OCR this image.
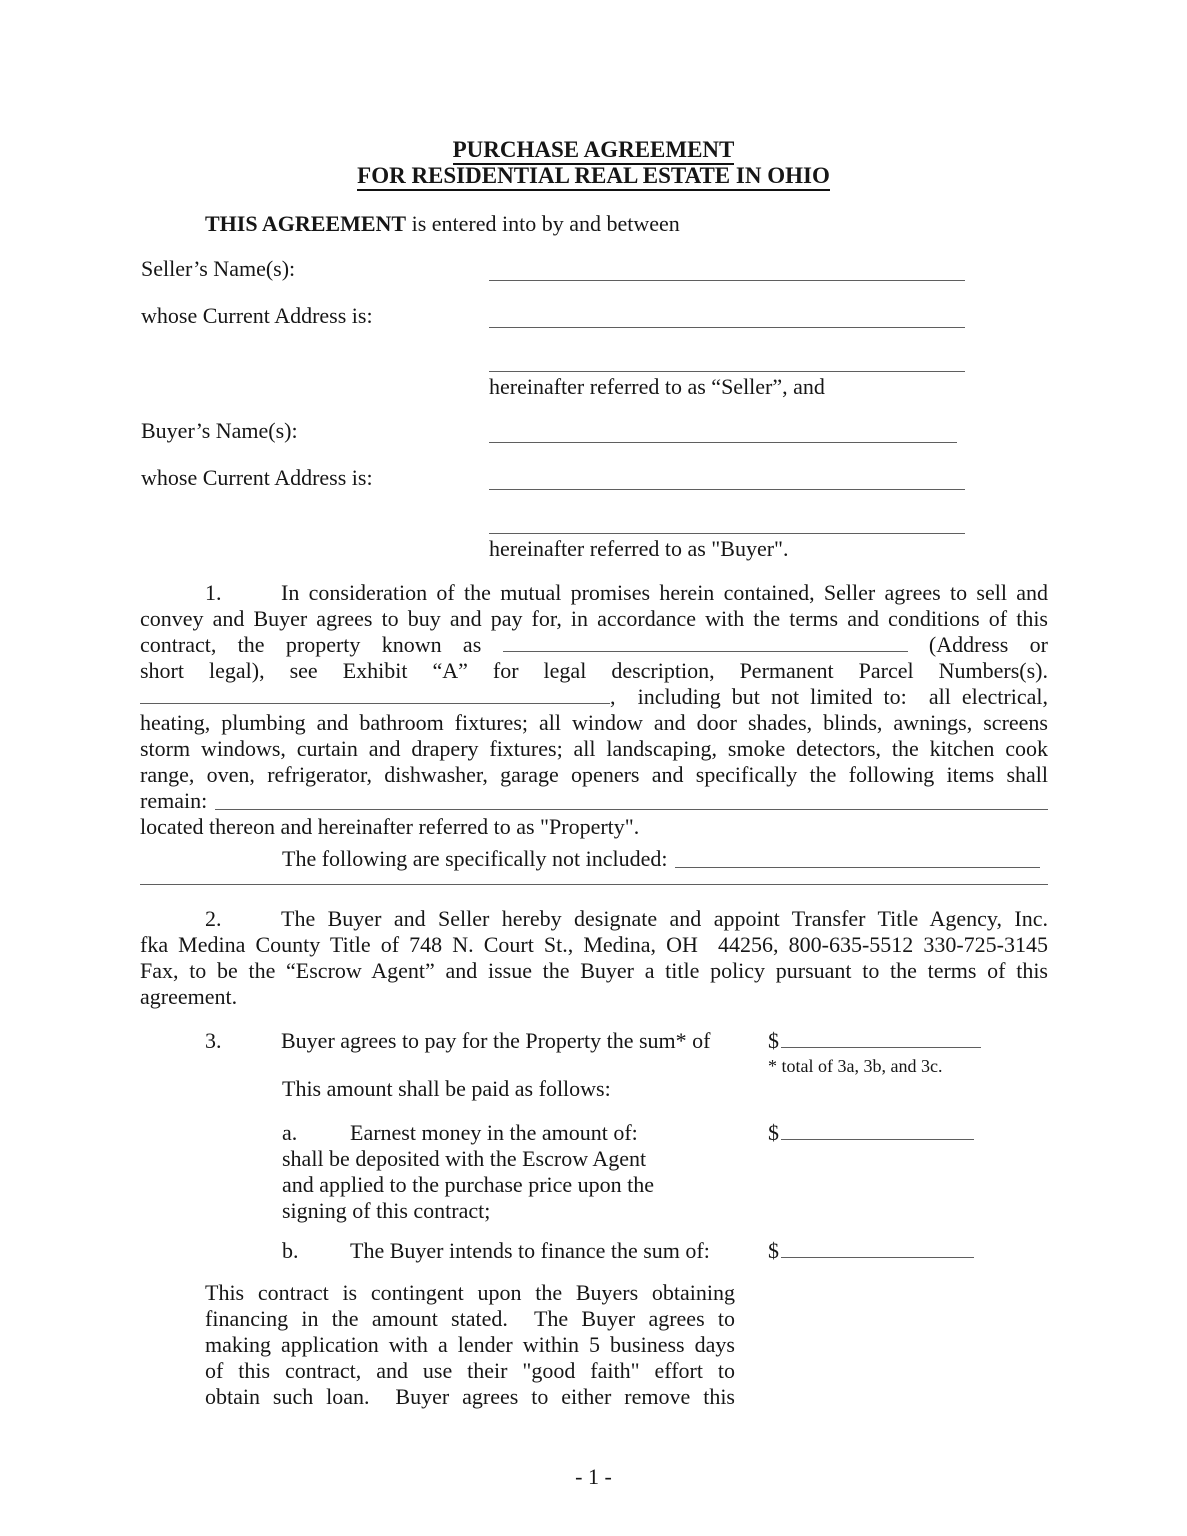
PURCHASE AGREEMENT
FOR RESIDENTIAL REAL ESTATE IN OHIO
THIS AGREEMENT is entered into by and between
Seller’s Name(s):
whose Current Address is:
hereinafter referred to as “Seller”, and
Buyer’s Name(s):
whose Current Address is:
hereinafter referred to as "Buyer".
1.	In consideration of the mutual promises herein contained, Seller agrees to sell and
convey and Buyer agrees to buy and pay for, in accordance with the terms and conditions of this
contract, the property known as	(Address or
short legal), see Exhibit “A” for legal description, Permanent Parcel Numbers(s).
,  including but not limited to:  all electrical,
heating, plumbing and bathroom fixtures; all window and door shades, blinds, awnings, screens
storm windows, curtain and drapery fixtures; all landscaping, smoke detectors, the kitchen cook
range, oven, refrigerator, dishwasher, garage openers and specifically the following items shall
remain:
located thereon and hereinafter referred to as "Property".
The following are specifically not included:
2.	The Buyer and Seller hereby designate and appoint Transfer Title Agency, Inc.
fka Medina County Title of 748 N. Court St., Medina, OH  44256, 800-635-5512 330-725-3145
Fax, to be the “Escrow Agent” and issue the Buyer a title policy pursuant to the terms of this
agreement.
3.	Buyer agrees to pay for the Property the sum* of	$
* total of 3a, 3b, and 3c.
This amount shall be paid as follows:
a. Earnest money in the amount of:
shall be deposited with the Escrow Agent
and applied to the purchase price upon the
signing of this contract;
$
b. The Buyer intends to finance the sum of:	$
This contract is contingent upon the Buyers obtaining
financing in the amount stated.  The Buyer agrees to
making application with a lender within 5 business days
of this contract, and use their "good faith" effort to
obtain such loan.  Buyer agrees to either remove this
- 1 -
